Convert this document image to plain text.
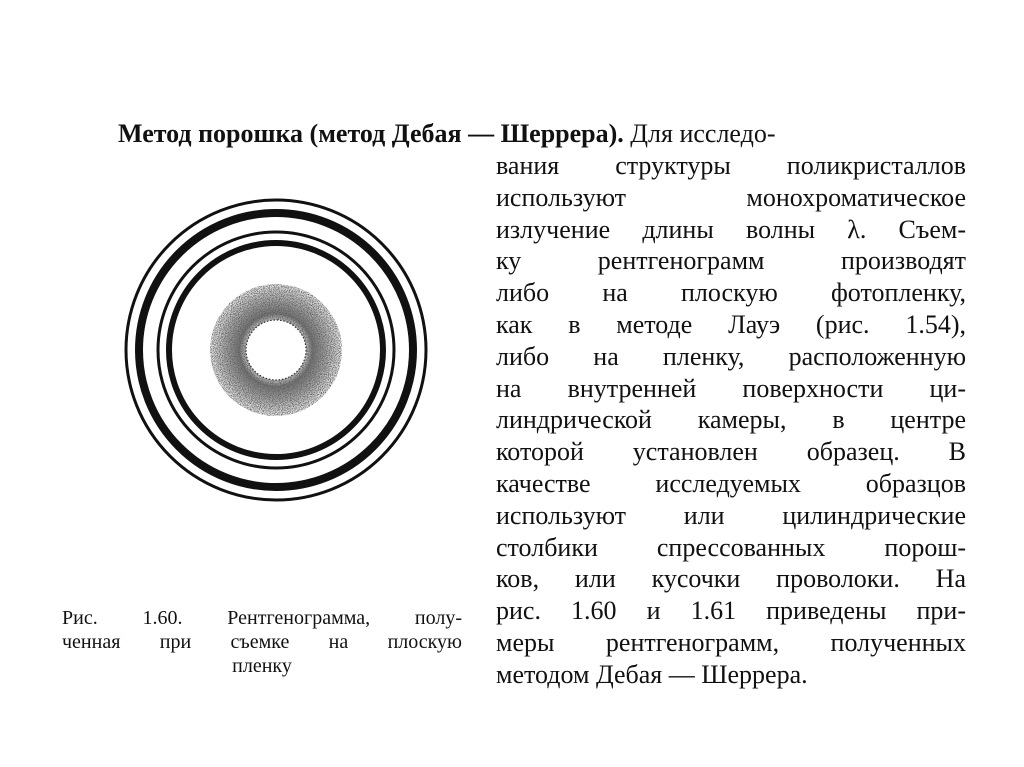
Метод порошка (метод Дебая — Шеррера). Для исследо-
вания структуры поликристаллов
используют монохроматическое
излучение длины волны λ. Съем-
ку рентгенограмм производят
либо на плоскую фотопленку,
как в методе Лауэ (рис. 1.54),
либо на пленку, расположенную
на внутренней поверхности ци-
линдрической камеры, в центре
которой установлен образец. В
качестве исследуемых образцов
используют или цилиндрические
столбики спрессованных порош-
ков, или кусочки проволоки. На
рис. 1.60 и 1.61 приведены при-
меры рентгенограмм, полученных
методом Дебая — Шеррера.
Рис. 1.60. Рентгенограмма, полу-
ченная при съемке на плоскую
пленку
